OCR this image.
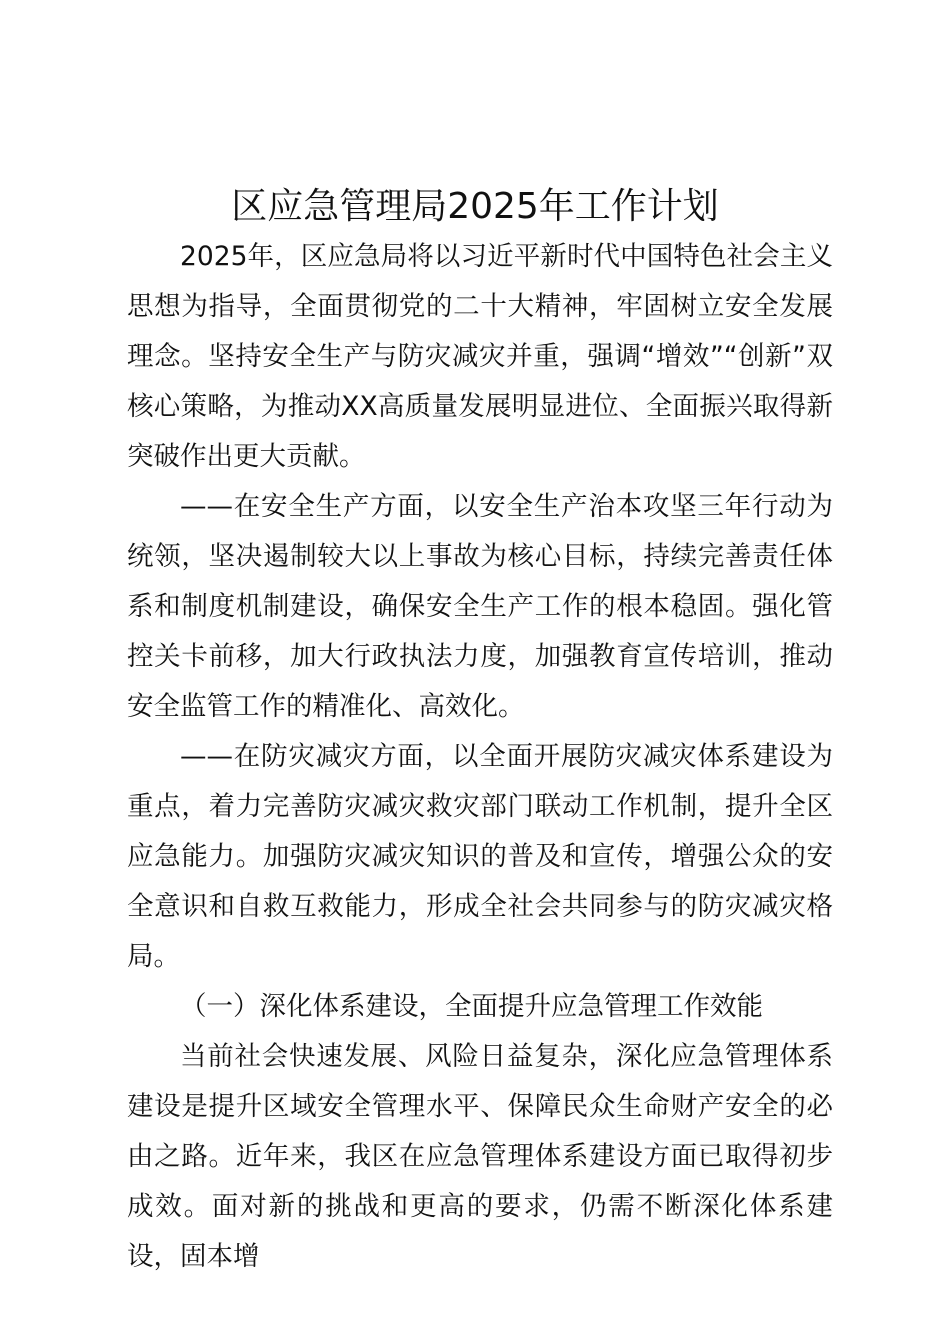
区应急管理局2025年工作计划

2025年，区应急局将以习近平新时代中国特色社会主义思想为指导，全面贯彻党的二十大精神，牢固树立安全发展理念。坚持安全生产与防灾减灾并重，强调“增效”“创新”双核心策略，为推动XX高质量发展明显进位、全面振兴取得新突破作出更大贡献。

——在安全生产方面，以安全生产治本攻坚三年行动为统领，坚决遏制较大以上事故为核心目标，持续完善责任体系和制度机制建设，确保安全生产工作的根本稳固。强化管控关卡前移，加大行政执法力度，加强教育宣传培训，推动安全监管工作的精准化、高效化。

——在防灾减灾方面，以全面开展防灾减灾体系建设为重点，着力完善防灾减灾救灾部门联动工作机制，提升全区应急能力。加强防灾减灾知识的普及和宣传，增强公众的安全意识和自救互救能力，形成全社会共同参与的防灾减灾格局。

（一）深化体系建设，全面提升应急管理工作效能

当前社会快速发展、风险日益复杂，深化应急管理体系建设是提升区域安全管理水平、保障民众生命财产安全的必由之路。近年来，我区在应急管理体系建设方面已取得初步成效。面对新的挑战和更高的要求，仍需不断深化体系建设，固本增
